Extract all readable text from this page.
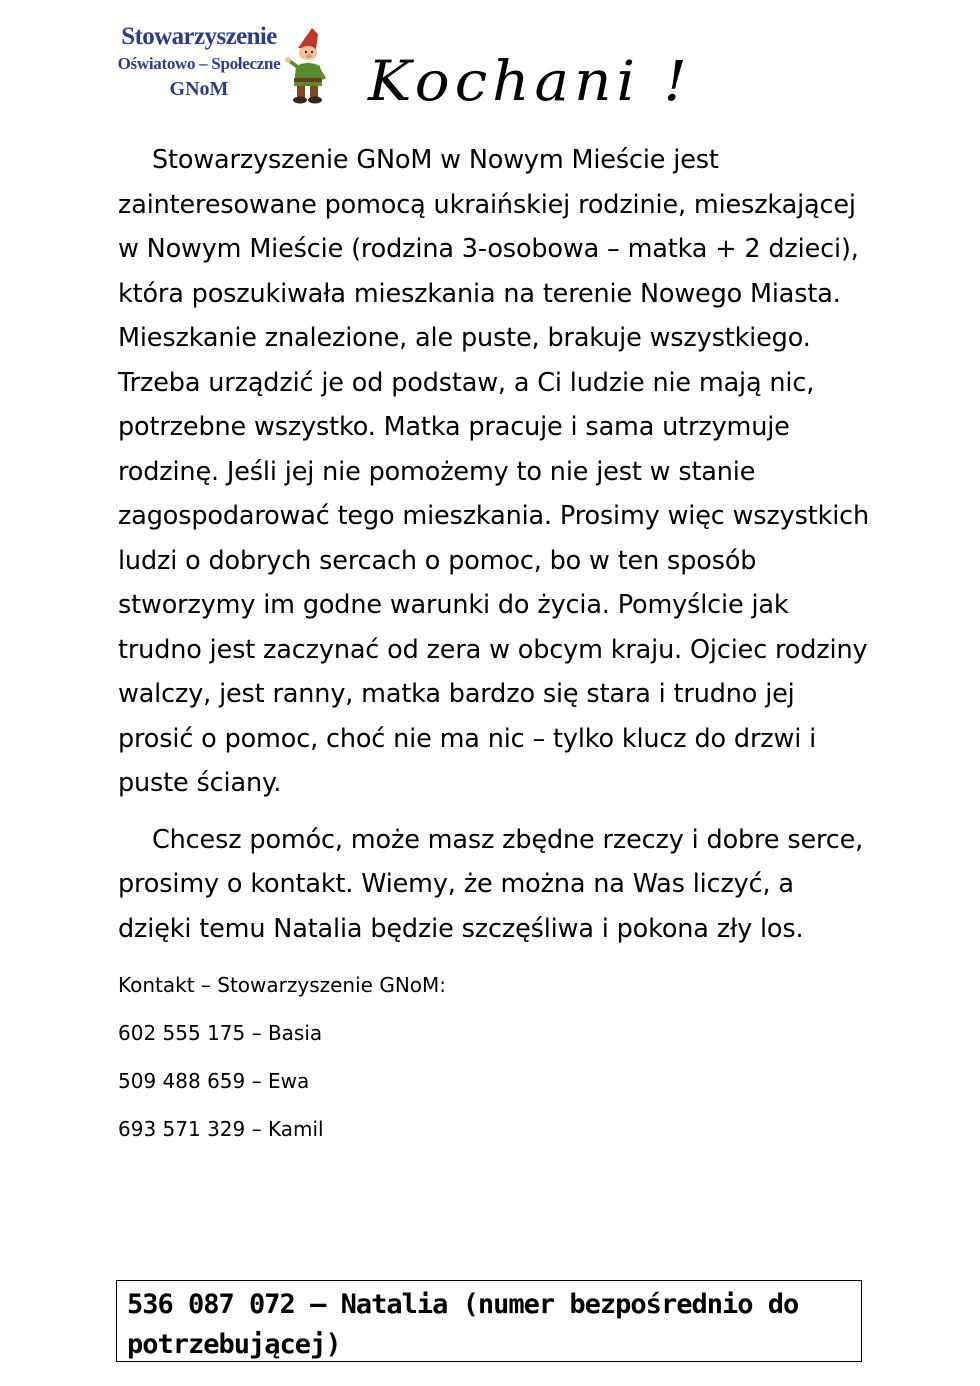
Stowarzyszenie
Oświatowo – Społeczne
GNoM	Kochani !

Stowarzyszenie GNoM w Nowym Mieście jest zainteresowane pomocą ukraińskiej rodzinie, mieszkającej w Nowym Mieście (rodzina 3-osobowa – matka + 2 dzieci), która poszukiwała mieszkania na terenie Nowego Miasta. Mieszkanie znalezione, ale puste, brakuje wszystkiego. Trzeba urządzić je od podstaw, a Ci ludzie nie mają nic, potrzebne wszystko. Matka pracuje i sama utrzymuje rodzinę. Jeśli jej nie pomożemy to nie jest w stanie zagospodarować tego mieszkania. Prosimy więc wszystkich ludzi o dobrych sercach o pomoc, bo w ten sposób stworzymy im godne warunki do życia. Pomyślcie jak trudno jest zaczynać od zera w obcym kraju. Ojciec rodziny walczy, jest ranny, matka bardzo się stara i trudno jej prosić o pomoc, choć nie ma nic – tylko klucz do drzwi i puste ściany.

Chcesz pomóc, może masz zbędne rzeczy i dobre serce, prosimy o kontakt. Wiemy, że można na Was liczyć, a dzięki temu Natalia będzie szczęśliwa i pokona zły los.

Kontakt – Stowarzyszenie GNoM:

602 555 175 – Basia

509 488 659 – Ewa

693 571 329 – Kamil

536 087 072 – Natalia (numer bezpośrednio do potrzebującej)
